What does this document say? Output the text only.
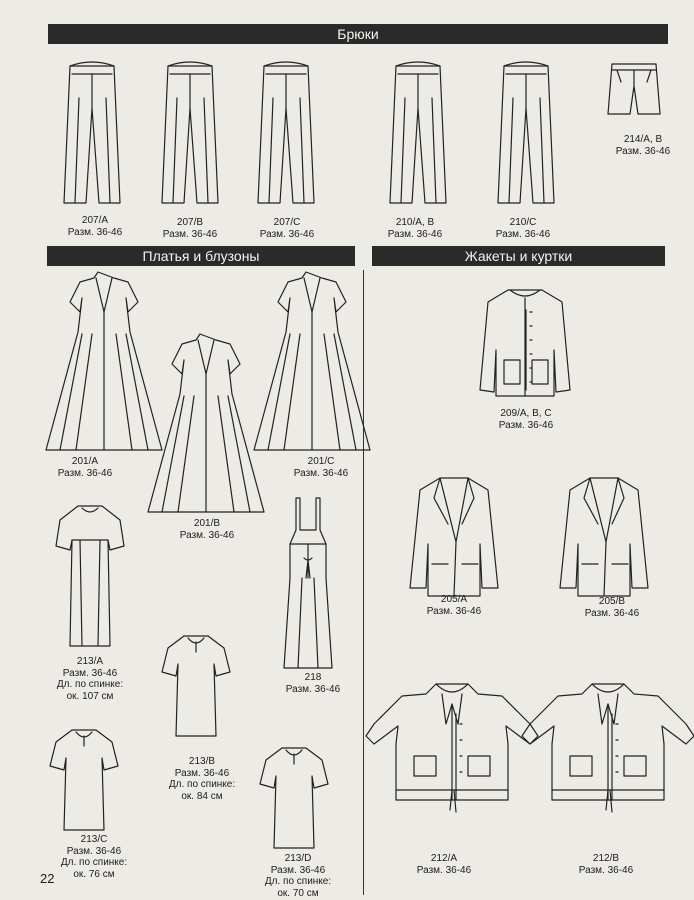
Брюки
Платья и блузоны	Жакеты и куртки
207/A
Разм. 36-46
207/B
Разм. 36-46
207/C
Разм. 36-46
210/A, B
Разм. 36-46
210/C
Разм. 36-46
214/A, B
Разм. 36-46
201/A
Разм. 36-46
201/B
Разм. 36-46
201/C
Разм. 36-46
213/A
Разм. 36-46
Дл. по спинке:
ок. 107 см
218
Разм. 36-46
213/B
Разм. 36-46
Дл. по спинке:
ок. 84 см
213/C
Разм. 36-46
Дл. по спинке:
ок. 76 см
213/D
Разм. 36-46
Дл. по спинке:
ок. 70 см
209/A, B, C
Разм. 36-46
205/A
Разм. 36-46
205/B
Разм. 36-46
212/A
Разм. 36-46
212/B
Разм. 36-46
22
